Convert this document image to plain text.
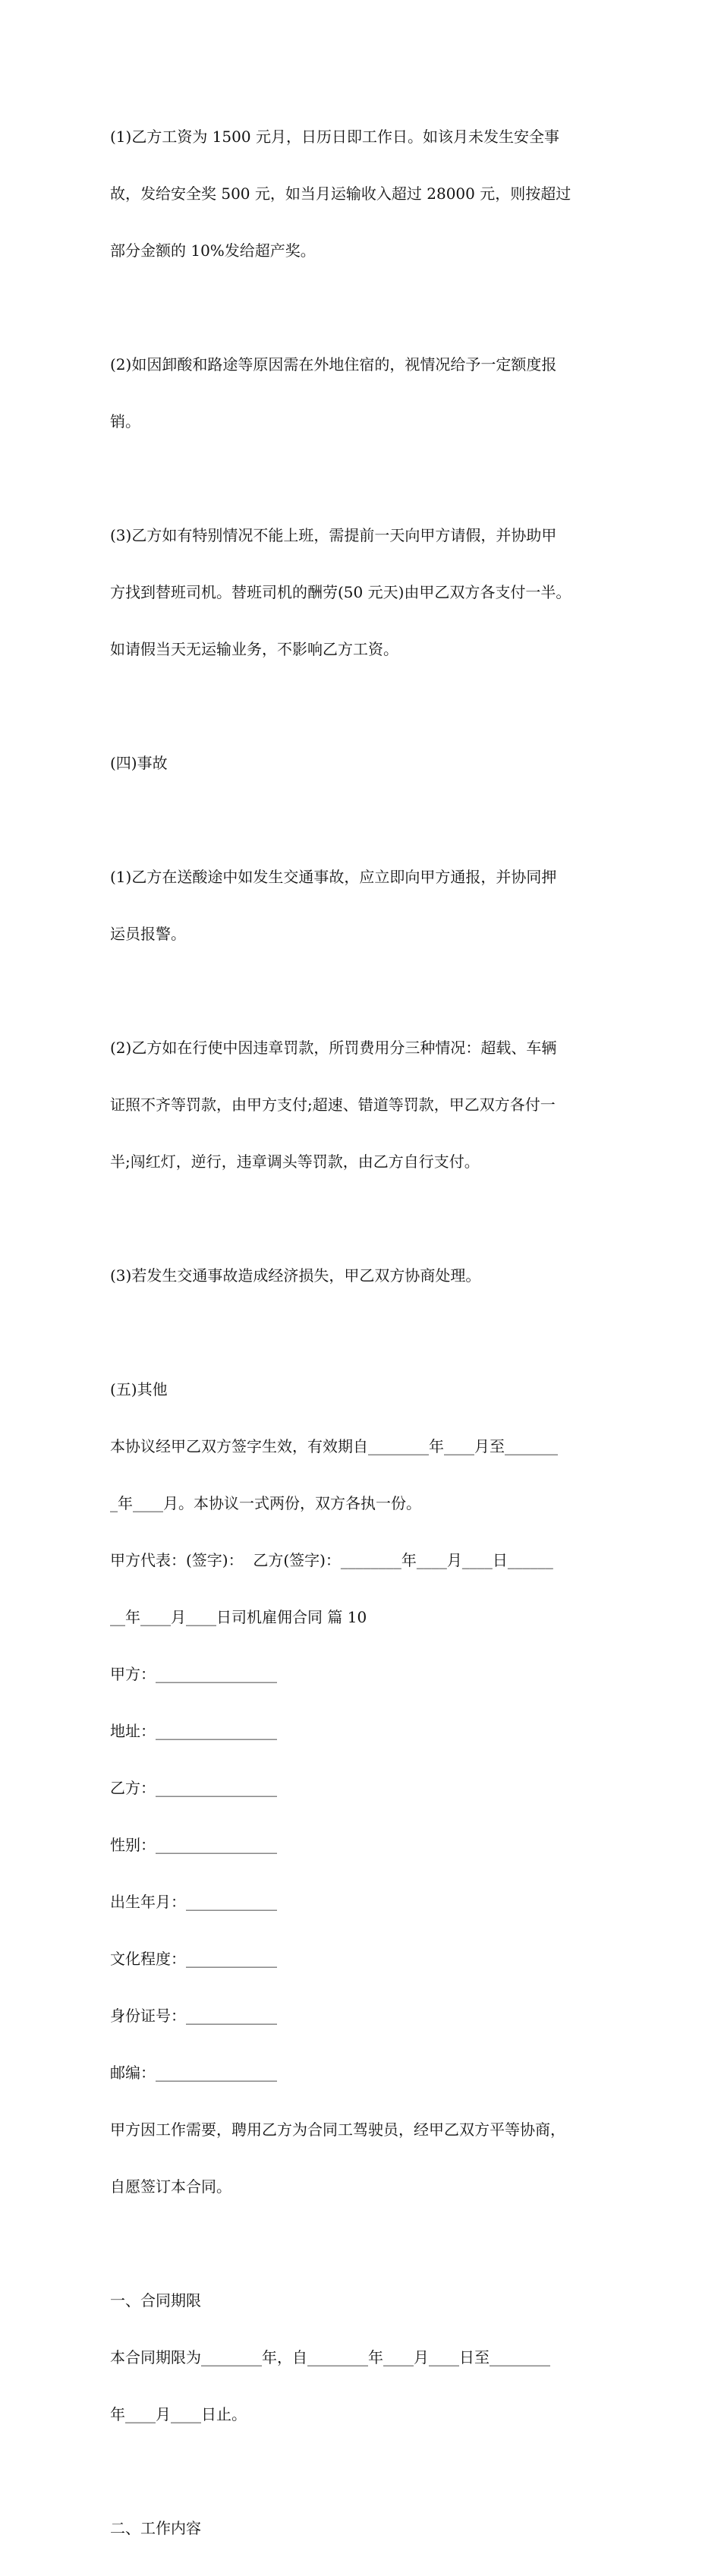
(1)乙方工资为 1500 元月，日历日即工作日。如该月未发生安全事

故，发给安全奖 500 元，如当月运输收入超过 28000 元，则按超过

部分金额的 10%发给超产奖。

(2)如因卸酸和路途等原因需在外地住宿的，视情况给予一定额度报

销。

(3)乙方如有特别情况不能上班，需提前一天向甲方请假，并协助甲

方找到替班司机。替班司机的酬劳(50 元天)由甲乙双方各支付一半。

如请假当天无运输业务，不影响乙方工资。

(四)事故

(1)乙方在送酸途中如发生交通事故，应立即向甲方通报，并协同押

运员报警。

(2)乙方如在行使中因违章罚款，所罚费用分三种情况：超载、车辆

证照不齐等罚款，由甲方支付;超速、错道等罚款，甲乙双方各付一

半;闯红灯，逆行，违章调头等罚款，由乙方自行支付。

(3)若发生交通事故造成经济损失，甲乙双方协商处理。

(五)其他

本协议经甲乙双方签字生效，有效期自________年____月至_______

_年____月。本协议一式两份，双方各执一份。

甲方代表：(签字)：  乙方(签字)：________年____月____日______

__年____月____日司机雇佣合同 篇 10

甲方：________________

地址：________________

乙方：________________

性别：________________

出生年月：____________

文化程度：____________

身份证号：____________

邮编：________________

甲方因工作需要，聘用乙方为合同工驾驶员，经甲乙双方平等协商，

自愿签订本合同。

一、合同期限

本合同期限为________年，自________年____月____日至________

年____月____日止。

二、工作内容
